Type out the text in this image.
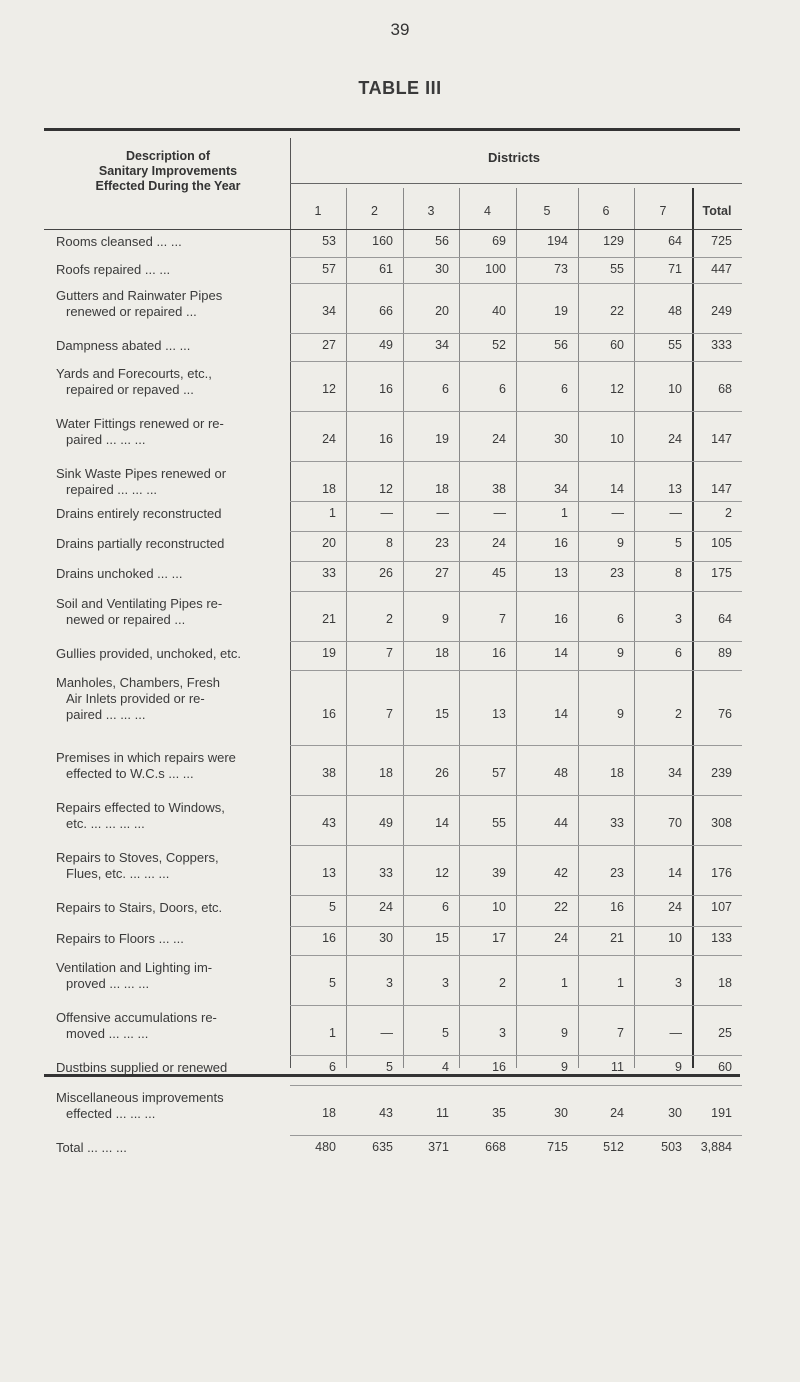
39
TABLE III
Description of
Sanitary Improvements
Effected During the Year
Districts
1	2	3	4	5	6	7	Total
Rooms cleansed ... ...	53	160	56	69	194	129	64	725
Roofs repaired ... ...	57	61	30	100	73	55	71	447
Gutters and Rainwater Pipes
renewed or repaired ...	34	66	20	40	19	22	48	249
Dampness abated ... ...	27	49	34	52	56	60	55	333
Yards and Forecourts, etc.,
repaired or repaved ...	12	16	6	6	6	12	10	68
Water Fittings renewed or re-
paired ... ... ...	24	16	19	24	30	10	24	147
Sink Waste Pipes renewed or
repaired ... ... ...	18	12	18	38	34	14	13	147
Drains entirely reconstructed	1	—	—	—	1	—	—	2
Drains partially reconstructed	20	8	23	24	16	9	5	105
Drains unchoked ... ...	33	26	27	45	13	23	8	175
Soil and Ventilating Pipes re-
newed or repaired ...	21	2	9	7	16	6	3	64
Gullies provided, unchoked, etc.	19	7	18	16	14	9	6	89
Manholes, Chambers, Fresh
Air Inlets provided or re-paired ... ... ...	16	7	15	13	14	9	2	76
Premises in which repairs were
effected to W.C.s ... ...	38	18	26	57	48	18	34	239
Repairs effected to Windows,
etc. ... ... ... ...	43	49	14	55	44	33	70	308
Repairs to Stoves, Coppers,
Flues, etc. ... ... ...	13	33	12	39	42	23	14	176
Repairs to Stairs, Doors, etc.	5	24	6	10	22	16	24	107
Repairs to Floors ... ...	16	30	15	17	24	21	10	133
Ventilation and Lighting im-
proved ... ... ...	5	3	3	2	1	1	3	18
Offensive accumulations re-
moved ... ... ...	1	—	5	3	9	7	—	25
Dustbins supplied or renewed	6	5	4	16	9	11	9	60
Miscellaneous improvements
effected ... ... ...	18	43	11	35	30	24	30	191
Total ... ... ...	480	635	371	668	715	512	503	3,884
